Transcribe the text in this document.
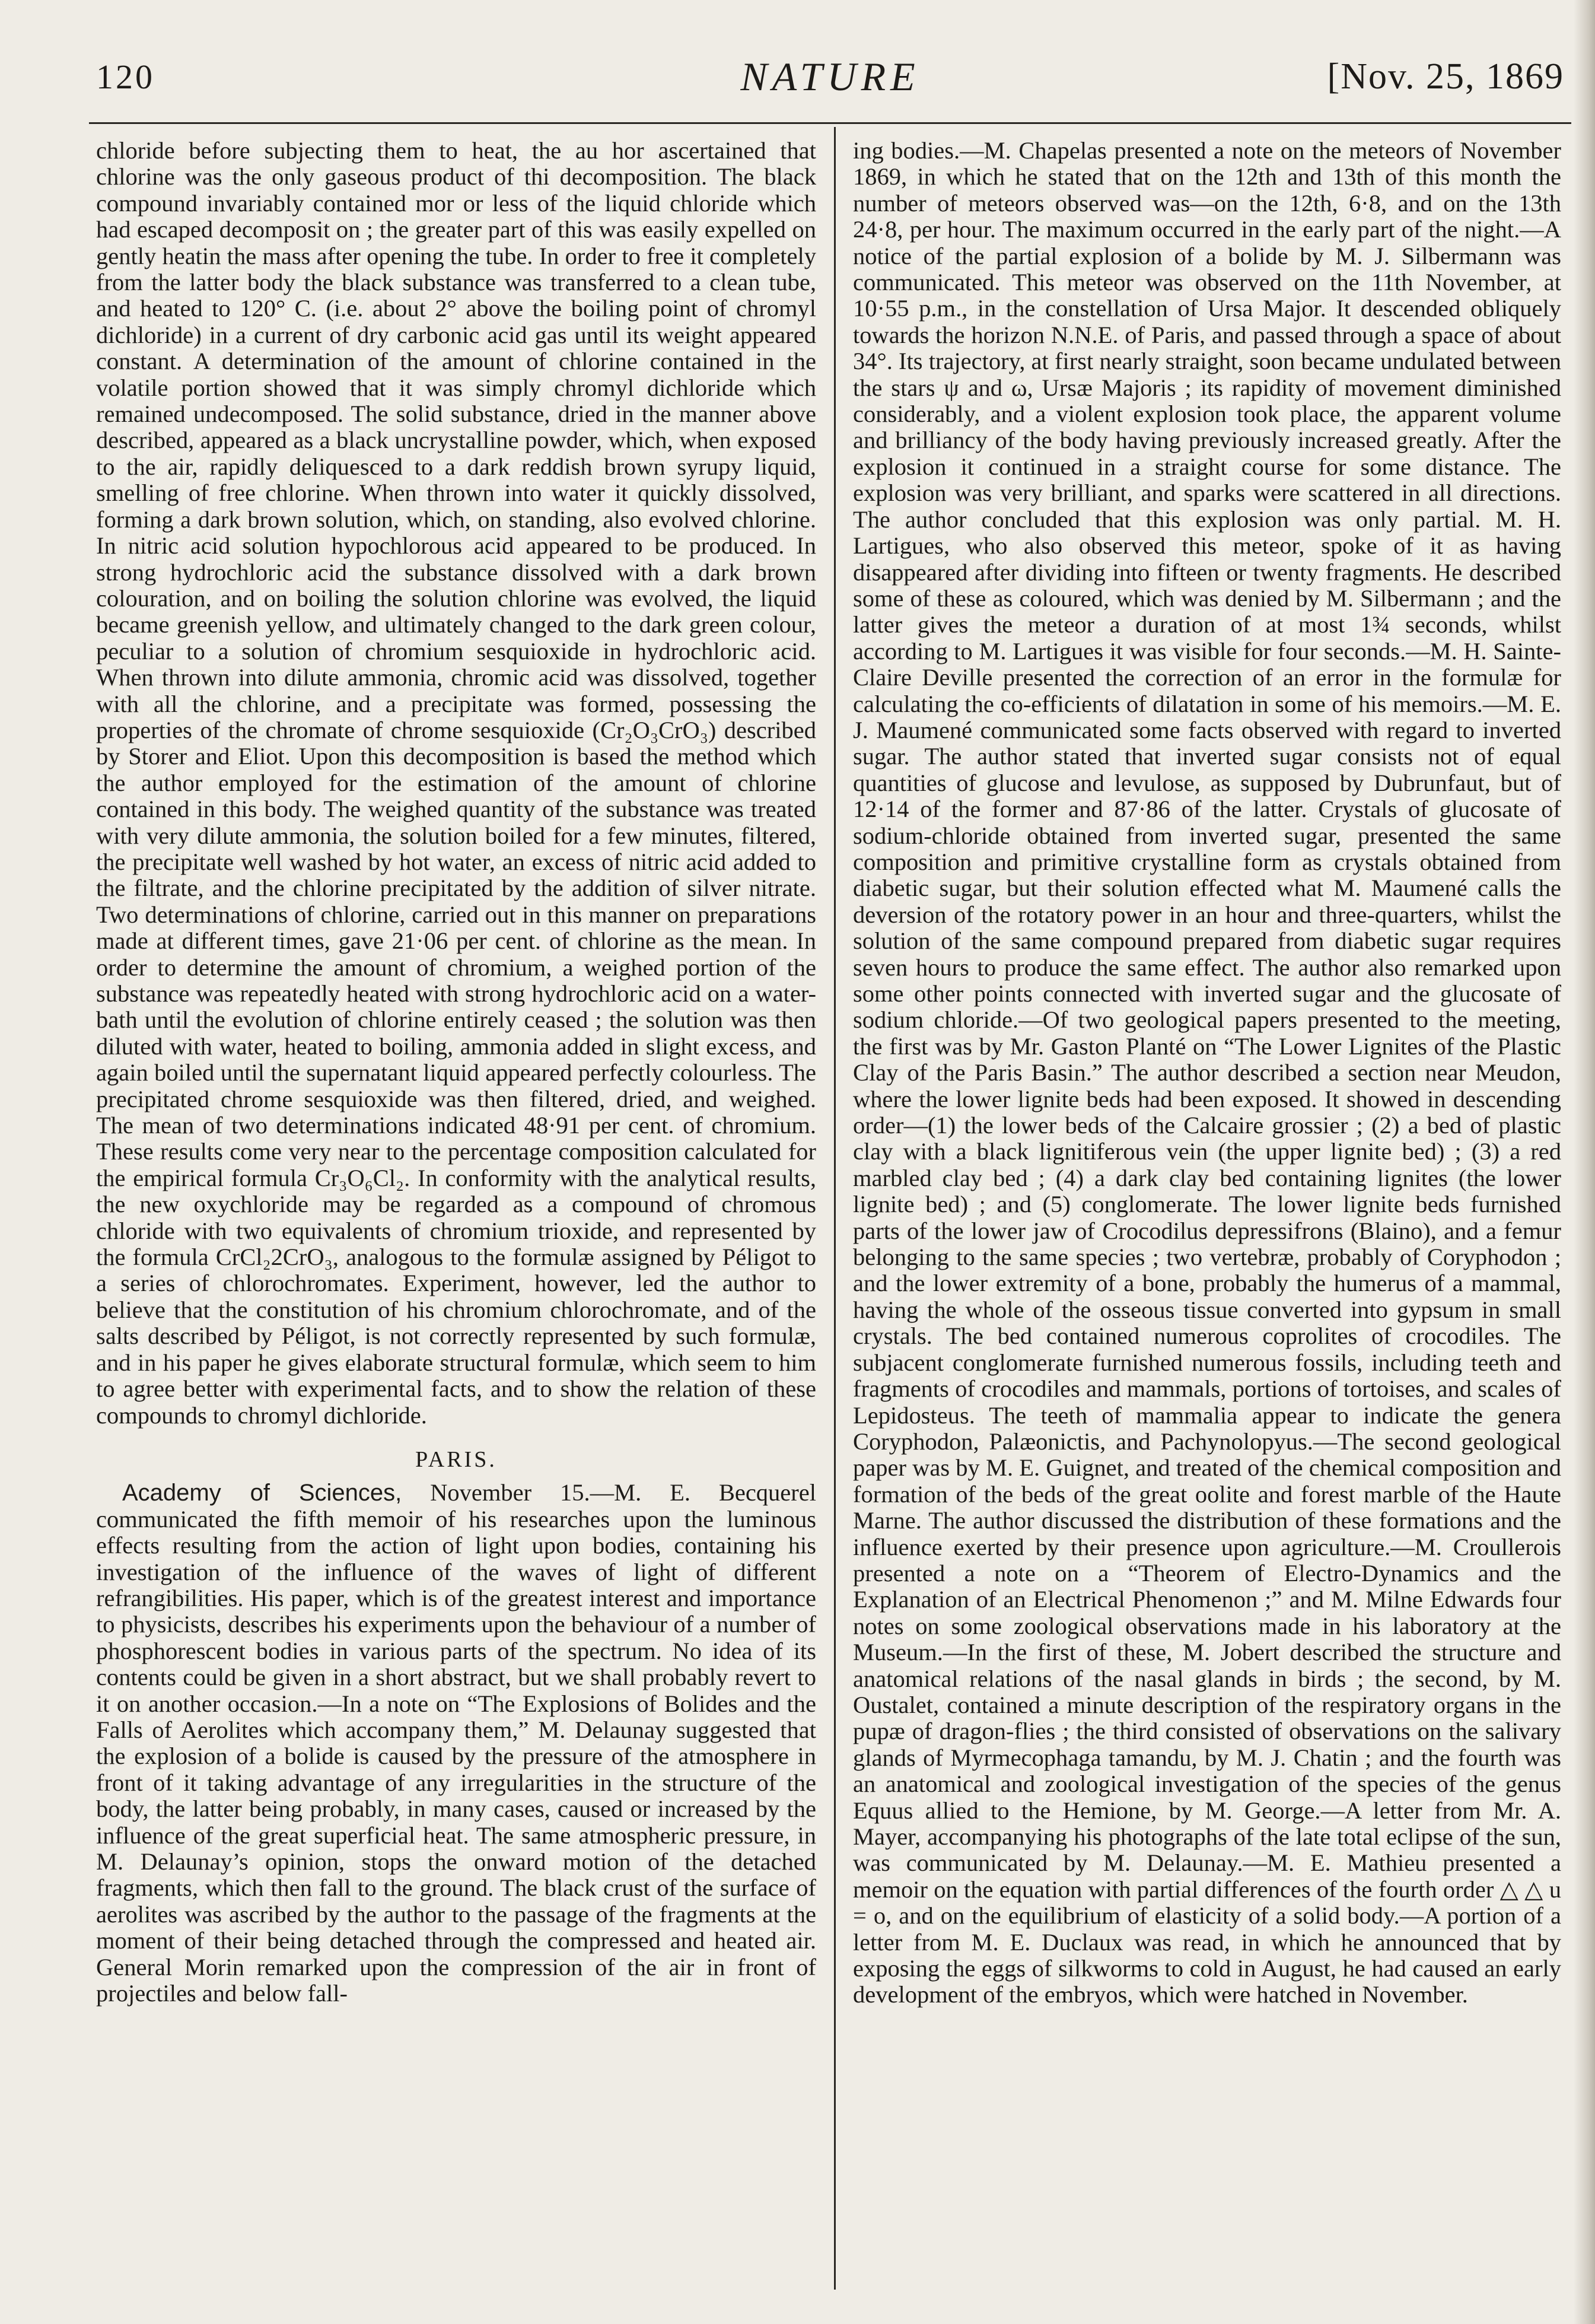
120	NATURE	[Nov. 25, 1869

chloride before subjecting them to heat, the au hor ascertained that chlorine was the only gaseous product of thi decomposition. The black compound invariably contained mor or less of the liquid chloride which had escaped decomposit on ; the greater part of this was easily expelled on gently heatin the mass after opening the tube. In order to free it completely from the latter body the black substance was transferred to a clean tube, and heated to 120° C. (i.e. about 2° above the boiling point of chromyl dichloride) in a current of dry carbonic acid gas until its weight appeared constant. A determination of the amount of chlorine contained in the volatile portion showed that it was simply chromyl dichloride which remained undecomposed. The solid substance, dried in the manner above described, appeared as a black uncrystalline powder, which, when exposed to the air, rapidly deliquesced to a dark reddish brown syrupy liquid, smelling of free chlorine. When thrown into water it quickly dissolved, forming a dark brown solution, which, on standing, also evolved chlorine. In nitric acid solution hypochlorous acid appeared to be produced. In strong hydrochloric acid the substance dissolved with a dark brown colouration, and on boiling the solution chlorine was evolved, the liquid became greenish yellow, and ultimately changed to the dark green colour, peculiar to a solution of chromium sesquioxide in hydrochloric acid. When thrown into dilute ammonia, chromic acid was dissolved, together with all the chlorine, and a precipitate was formed, possessing the properties of the chromate of chrome sesquioxide (Cr₂O₃CrO₃) described by Storer and Eliot. Upon this decomposition is based the method which the author employed for the estimation of the amount of chlorine contained in this body. The weighed quantity of the substance was treated with very dilute ammonia, the solution boiled for a few minutes, filtered, the precipitate well washed by hot water, an excess of nitric acid added to the filtrate, and the chlorine precipitated by the addition of silver nitrate. Two determinations of chlorine, carried out in this manner on preparations made at different times, gave 21·06 per cent. of chlorine as the mean. In order to determine the amount of chromium, a weighed portion of the substance was repeatedly heated with strong hydrochloric acid on a water-bath until the evolution of chlorine entirely ceased ; the solution was then diluted with water, heated to boiling, ammonia added in slight excess, and again boiled until the supernatant liquid appeared perfectly colourless. The precipitated chrome sesquioxide was then filtered, dried, and weighed. The mean of two determinations indicated 48·91 per cent. of chromium. These results come very near to the percentage composition calculated for the empirical formula Cr₃O₆Cl₂. In conformity with the analytical results, the new oxychloride may be regarded as a compound of chromous chloride with two equivalents of chromium trioxide, and represented by the formula CrCl₂2CrO₃, analogous to the formulæ assigned by Péligot to a series of chlorochromates. Experiment, however, led the author to believe that the constitution of his chromium chlorochromate, and of the salts described by Péligot, is not correctly represented by such formulæ, and in his paper he gives elaborate structural formulæ, which seem to him to agree better with experimental facts, and to show the relation of these compounds to chromyl dichloride.

PARIS.

Academy of Sciences, November 15.—M. E. Becquerel communicated the fifth memoir of his researches upon the luminous effects resulting from the action of light upon bodies, containing his investigation of the influence of the waves of light of different refrangibilities. His paper, which is of the greatest interest and importance to physicists, describes his experiments upon the behaviour of a number of phosphorescent bodies in various parts of the spectrum. No idea of its contents could be given in a short abstract, but we shall probably revert to it on another occasion.—In a note on “The Explosions of Bolides and the Falls of Aerolites which accompany them,” M. Delaunay suggested that the explosion of a bolide is caused by the pressure of the atmosphere in front of it taking advantage of any irregularities in the structure of the body, the latter being probably, in many cases, caused or increased by the influence of the great superficial heat. The same atmospheric pressure, in M. Delaunay’s opinion, stops the onward motion of the detached fragments, which then fall to the ground. The black crust of the surface of aerolites was ascribed by the author to the passage of the fragments at the moment of their being detached through the compressed and heated air. General Morin remarked upon the compression of the air in front of projectiles and below fall-

ing bodies.—M. Chapelas presented a note on the meteors of November 1869, in which he stated that on the 12th and 13th of this month the number of meteors observed was—on the 12th, 6·8, and on the 13th 24·8, per hour. The maximum occurred in the early part of the night.—A notice of the partial explosion of a bolide by M. J. Silbermann was communicated. This meteor was observed on the 11th November, at 10·55 p.m., in the constellation of Ursa Major. It descended obliquely towards the horizon N.N.E. of Paris, and passed through a space of about 34°. Its trajectory, at first nearly straight, soon became undulated between the stars ψ and ω, Ursæ Majoris ; its rapidity of movement diminished considerably, and a violent explosion took place, the apparent volume and brilliancy of the body having previously increased greatly. After the explosion it continued in a straight course for some distance. The explosion was very brilliant, and sparks were scattered in all directions. The author concluded that this explosion was only partial. M. H. Lartigues, who also observed this meteor, spoke of it as having disappeared after dividing into fifteen or twenty fragments. He described some of these as coloured, which was denied by M. Silbermann ; and the latter gives the meteor a duration of at most 1¾ seconds, whilst according to M. Lartigues it was visible for four seconds.—M. H. Sainte-Claire Deville presented the correction of an error in the formulæ for calculating the co-efficients of dilatation in some of his memoirs.—M. E. J. Maumené communicated some facts observed with regard to inverted sugar. The author stated that inverted sugar consists not of equal quantities of glucose and levulose, as supposed by Dubrunfaut, but of 12·14 of the former and 87·86 of the latter. Crystals of glucosate of sodium-chloride obtained from inverted sugar, presented the same composition and primitive crystalline form as crystals obtained from diabetic sugar, but their solution effected what M. Maumené calls the deversion of the rotatory power in an hour and three-quarters, whilst the solution of the same compound prepared from diabetic sugar requires seven hours to produce the same effect. The author also remarked upon some other points connected with inverted sugar and the glucosate of sodium chloride.—Of two geological papers presented to the meeting, the first was by Mr. Gaston Planté on “The Lower Lignites of the Plastic Clay of the Paris Basin.” The author described a section near Meudon, where the lower lignite beds had been exposed. It showed in descending order—(1) the lower beds of the Calcaire grossier ; (2) a bed of plastic clay with a black lignitiferous vein (the upper lignite bed) ; (3) a red marbled clay bed ; (4) a dark clay bed containing lignites (the lower lignite bed) ; and (5) conglomerate. The lower lignite beds furnished parts of the lower jaw of Crocodilus depressifrons (Blaino), and a femur belonging to the same species ; two vertebræ, probably of Coryphodon ; and the lower extremity of a bone, probably the humerus of a mammal, having the whole of the osseous tissue converted into gypsum in small crystals. The bed contained numerous coprolites of crocodiles. The subjacent conglomerate furnished numerous fossils, including teeth and fragments of crocodiles and mammals, portions of tortoises, and scales of Lepidosteus. The teeth of mammalia appear to indicate the genera Coryphodon, Palæonictis, and Pachynolopyus.—The second geological paper was by M. E. Guignet, and treated of the chemical composition and formation of the beds of the great oolite and forest marble of the Haute Marne. The author discussed the distribution of these formations and the influence exerted by their presence upon agriculture.—M. Croullerois presented a note on a “Theorem of Electro-Dynamics and the Explanation of an Electrical Phenomenon ;” and M. Milne Edwards four notes on some zoological observations made in his laboratory at the Museum.—In the first of these, M. Jobert described the structure and anatomical relations of the nasal glands in birds ; the second, by M. Oustalet, contained a minute description of the respiratory organs in the pupæ of dragon-flies ; the third consisted of observations on the salivary glands of Myrmecophaga tamandu, by M. J. Chatin ; and the fourth was an anatomical and zoological investigation of the species of the genus Equus allied to the Hemione, by M. George.—A letter from Mr. A. Mayer, accompanying his photographs of the late total eclipse of the sun, was communicated by M. Delaunay.—M. E. Mathieu presented a memoir on the equation with partial differences of the fourth order △ △ u = o, and on the equilibrium of elasticity of a solid body.—A portion of a letter from M. E. Duclaux was read, in which he announced that by exposing the eggs of silkworms to cold in August, he had caused an early development of the embryos, which were hatched in November.
